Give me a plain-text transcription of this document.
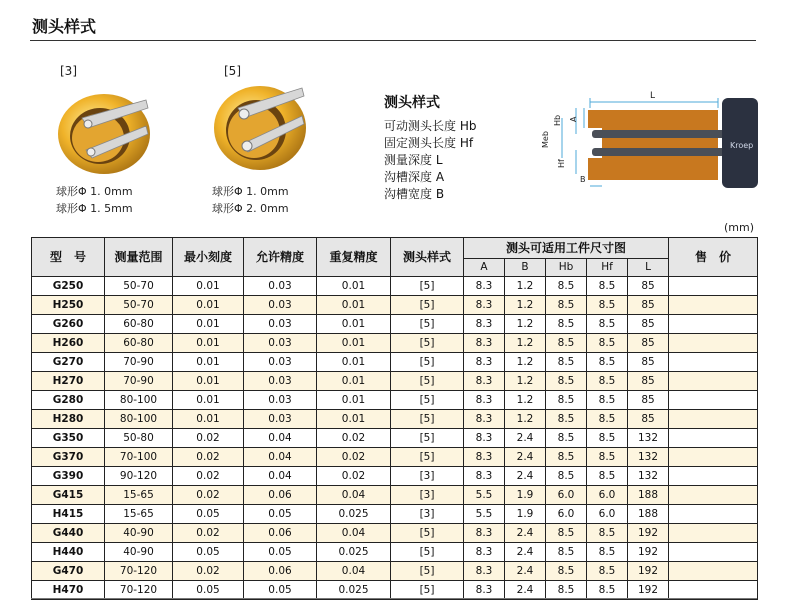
测头样式
[3]
球形Φ 1. 0mm
球形Φ 1. 5mm
[5]
球形Φ 1. 0mm
球形Φ 2. 0mm
测头样式
可动测头长度 Hb
固定测头长度 Hf
测量深度 L
沟槽深度 A
沟槽宽度 B
Kroep
L
Meb
Hb A
Hf
B
(mm)
型　号	测量范围	最小刻度	允许精度	重复精度	测头样式	测头可适用工件尺寸图					售　价
						A	B	Hb	Hf	L	
G250	50-70	0.01	0.03	0.01	[5]	8.3	1.2	8.5	8.5	85	
H250	50-70	0.01	0.03	0.01	[5]	8.3	1.2	8.5	8.5	85	
G260	60-80	0.01	0.03	0.01	[5]	8.3	1.2	8.5	8.5	85	
H260	60-80	0.01	0.03	0.01	[5]	8.3	1.2	8.5	8.5	85	
G270	70-90	0.01	0.03	0.01	[5]	8.3	1.2	8.5	8.5	85	
H270	70-90	0.01	0.03	0.01	[5]	8.3	1.2	8.5	8.5	85	
G280	80-100	0.01	0.03	0.01	[5]	8.3	1.2	8.5	8.5	85	
H280	80-100	0.01	0.03	0.01	[5]	8.3	1.2	8.5	8.5	85	
G350	50-80	0.02	0.04	0.02	[5]	8.3	2.4	8.5	8.5	132	
G370	70-100	0.02	0.04	0.02	[5]	8.3	2.4	8.5	8.5	132	
G390	90-120	0.02	0.04	0.02	[3]	8.3	2.4	8.5	8.5	132	
G415	15-65	0.02	0.06	0.04	[3]	5.5	1.9	6.0	6.0	188	
H415	15-65	0.05	0.05	0.025	[3]	5.5	1.9	6.0	6.0	188	
G440	40-90	0.02	0.06	0.04	[5]	8.3	2.4	8.5	8.5	192	
H440	40-90	0.05	0.05	0.025	[5]	8.3	2.4	8.5	8.5	192	
G470	70-120	0.02	0.06	0.04	[5]	8.3	2.4	8.5	8.5	192	
H470	70-120	0.05	0.05	0.025	[5]	8.3	2.4	8.5	8.5	192	
